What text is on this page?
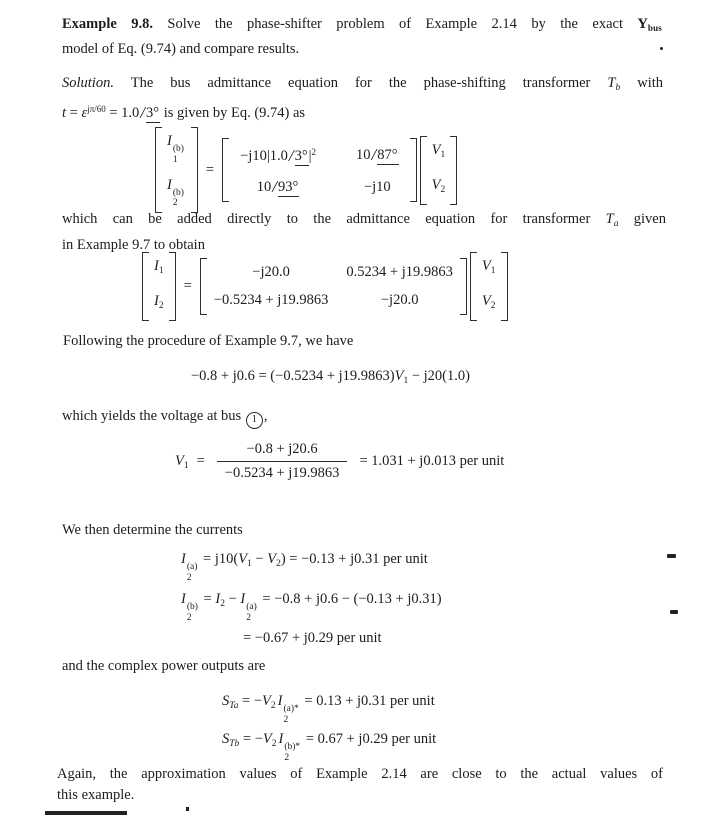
Example 9.8. Solve the phase-shifter problem of Example 2.14 by the exact $Y_{bus}$
model of Eq. (9.74) and compare results.
Solution. The bus admittance equation for the phase-shifting transformer $T_b$ with
$t = \varepsilon^{j\pi/60} = 1.0/3^\circ$ is given by Eq. (9.74) as
I (b)
1
I (b)
2
=
$-j10|1.0/3^\circ|^2$	10/87°
10/93°	−j10
$V_1$
$V_2$
which can be added directly to the admittance equation for transformer $T_a$ given
in Example 9.7 to obtain
$I_1$
$I_2$
=
−j20.0	0.5234 + j19.9863
−0.5234 + j19.9863	−j20.0
$V_1$
$V_2$
Following the procedure of Example 9.7, we have
$-0.8 + j0.6 = (-0.5234 + j19.9863)V_1 - j20(1.0)$
which yields the voltage at bus 1 ,
$V_1 = \frac{-0.8 + j20.6}{-0.5234 + j19.9863} = 1.031 + j0.013$ per unit
We then determine the currents
I (a)
2
= $j10(V_1 - V_2) = -0.13 + j0.31$ per unit
I (b)
2
= $I_2 - I$ (a)
2
= −0.8 + j0.6 − (−0.13 + j0.31)
= −0.67 + j0.29 per unit
and the complex power outputs are
$S_{Ta} = -V_2$ I (a)*
2
= 0.13 + j0.31 per unit
$S_{Tb} = -V_2$ I (b)*
2
= 0.67 + j0.29 per unit
Again, the approximation values of Example 2.14 are close to the actual values of
this example.
